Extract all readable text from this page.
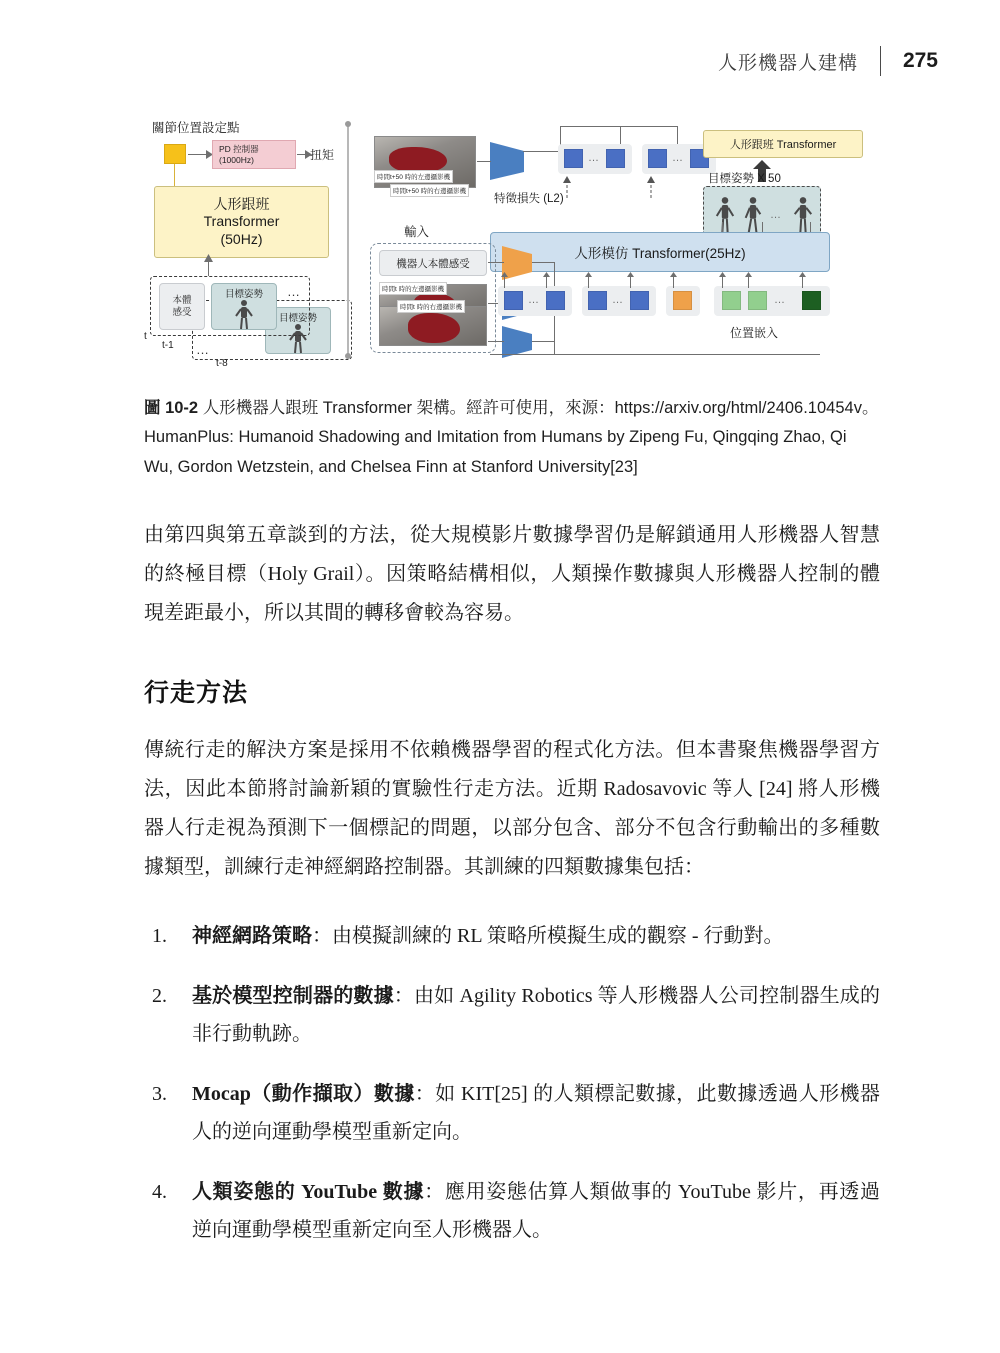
人形機器人建構	275
關節位置設定點
PD 控制器
(1000Hz)	扭矩
人形跟班
Transformer
(50Hz)
目標姿勢
本體
感受
目標姿勢	…
t
t-1 …
t-8
時間t+50 時的左邊攝影機
時間t+50 時的右邊攝影機
特徵損失 (L2)
…	…
人形跟班 Transformer
目標姿勢 X 50
…
人形模仿 Transformer(25Hz)
輸入
機器人本體感受
時間t 時的左邊攝影機
時間t 時的右邊攝影機
…	…	…
位置嵌入
圖 10-2 人形機器人跟班 Transformer 架構。經許可使用，來源：https://arxiv.org/html/2406.10454v。HumanPlus: Humanoid Shadowing and Imitation from Humans by Zipeng Fu, Qingqing Zhao, Qi Wu, Gordon Wetzstein, and Chelsea Finn at Stanford University[23]

由第四與第五章談到的方法，從大規模影片數據學習仍是解鎖通用人形機器人智慧的終極目標（Holy Grail）。因策略結構相似，人類操作數據與人形機器人控制的體現差距最小，所以其間的轉移會較為容易。

行走方法

傳統行走的解決方案是採用不依賴機器學習的程式化方法。但本書聚焦機器學習方法，因此本節將討論新穎的實驗性行走方法。近期 Radosavovic 等人 [24] 將人形機器人行走視為預測下一個標記的問題，以部分包含、部分不包含行動輸出的多種數據類型，訓練行走神經網路控制器。其訓練的四類數據集包括：

1.	神經網路策略：由模擬訓練的 RL 策略所模擬生成的觀察 - 行動對。
2.	基於模型控制器的數據：由如 Agility Robotics 等人形機器人公司控制器生成的非行動軌跡。
3.	Mocap（動作擷取）數據：如 KIT[25] 的人類標記數據，此數據透過人形機器人的逆向運動學模型重新定向。
4.	人類姿態的 YouTube 數據：應用姿態估算人類做事的 YouTube 影片，再透過逆向運動學模型重新定向至人形機器人。
